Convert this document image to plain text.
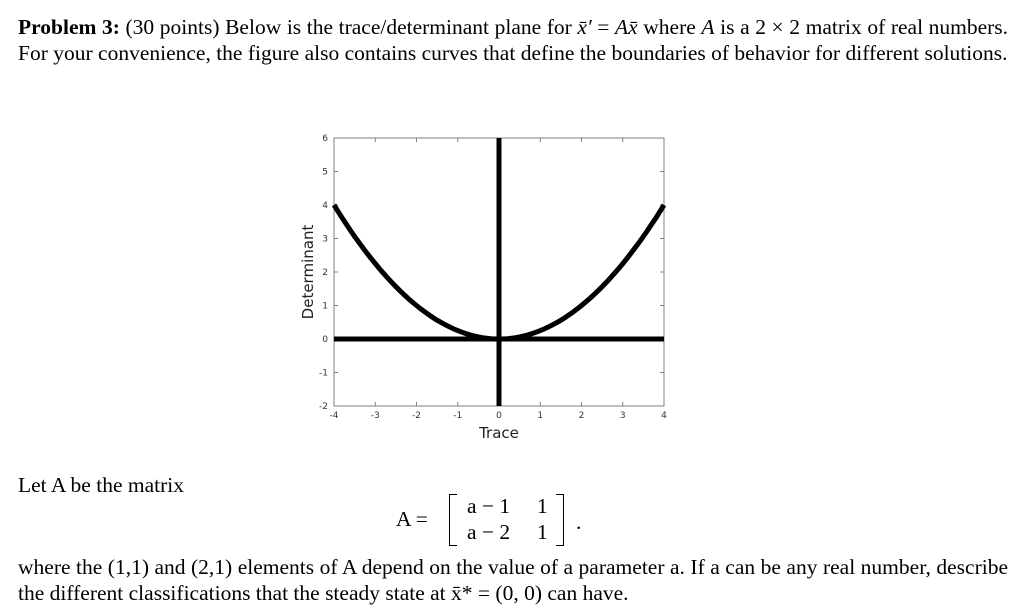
Problem 3: (30 points) Below is the trace/determinant plane for x̄′ = Ax̄ where A is a 2 × 2 matrix of real numbers. For your convenience, the figure also contains curves that define the boundaries of behavior for different solutions.

-4	-3	-2	-1	0	1	2	3	4
-2
-1
0
1
2
3
4
5
6
Trace
Determinant

Let A be the matrix

A =
a − 1 1
a − 2 1 .

where the (1,1) and (2,1) elements of A depend on the value of a parameter a. If a can be any real number, describe the different classifications that the steady state at x̄* = (0, 0) can have.
